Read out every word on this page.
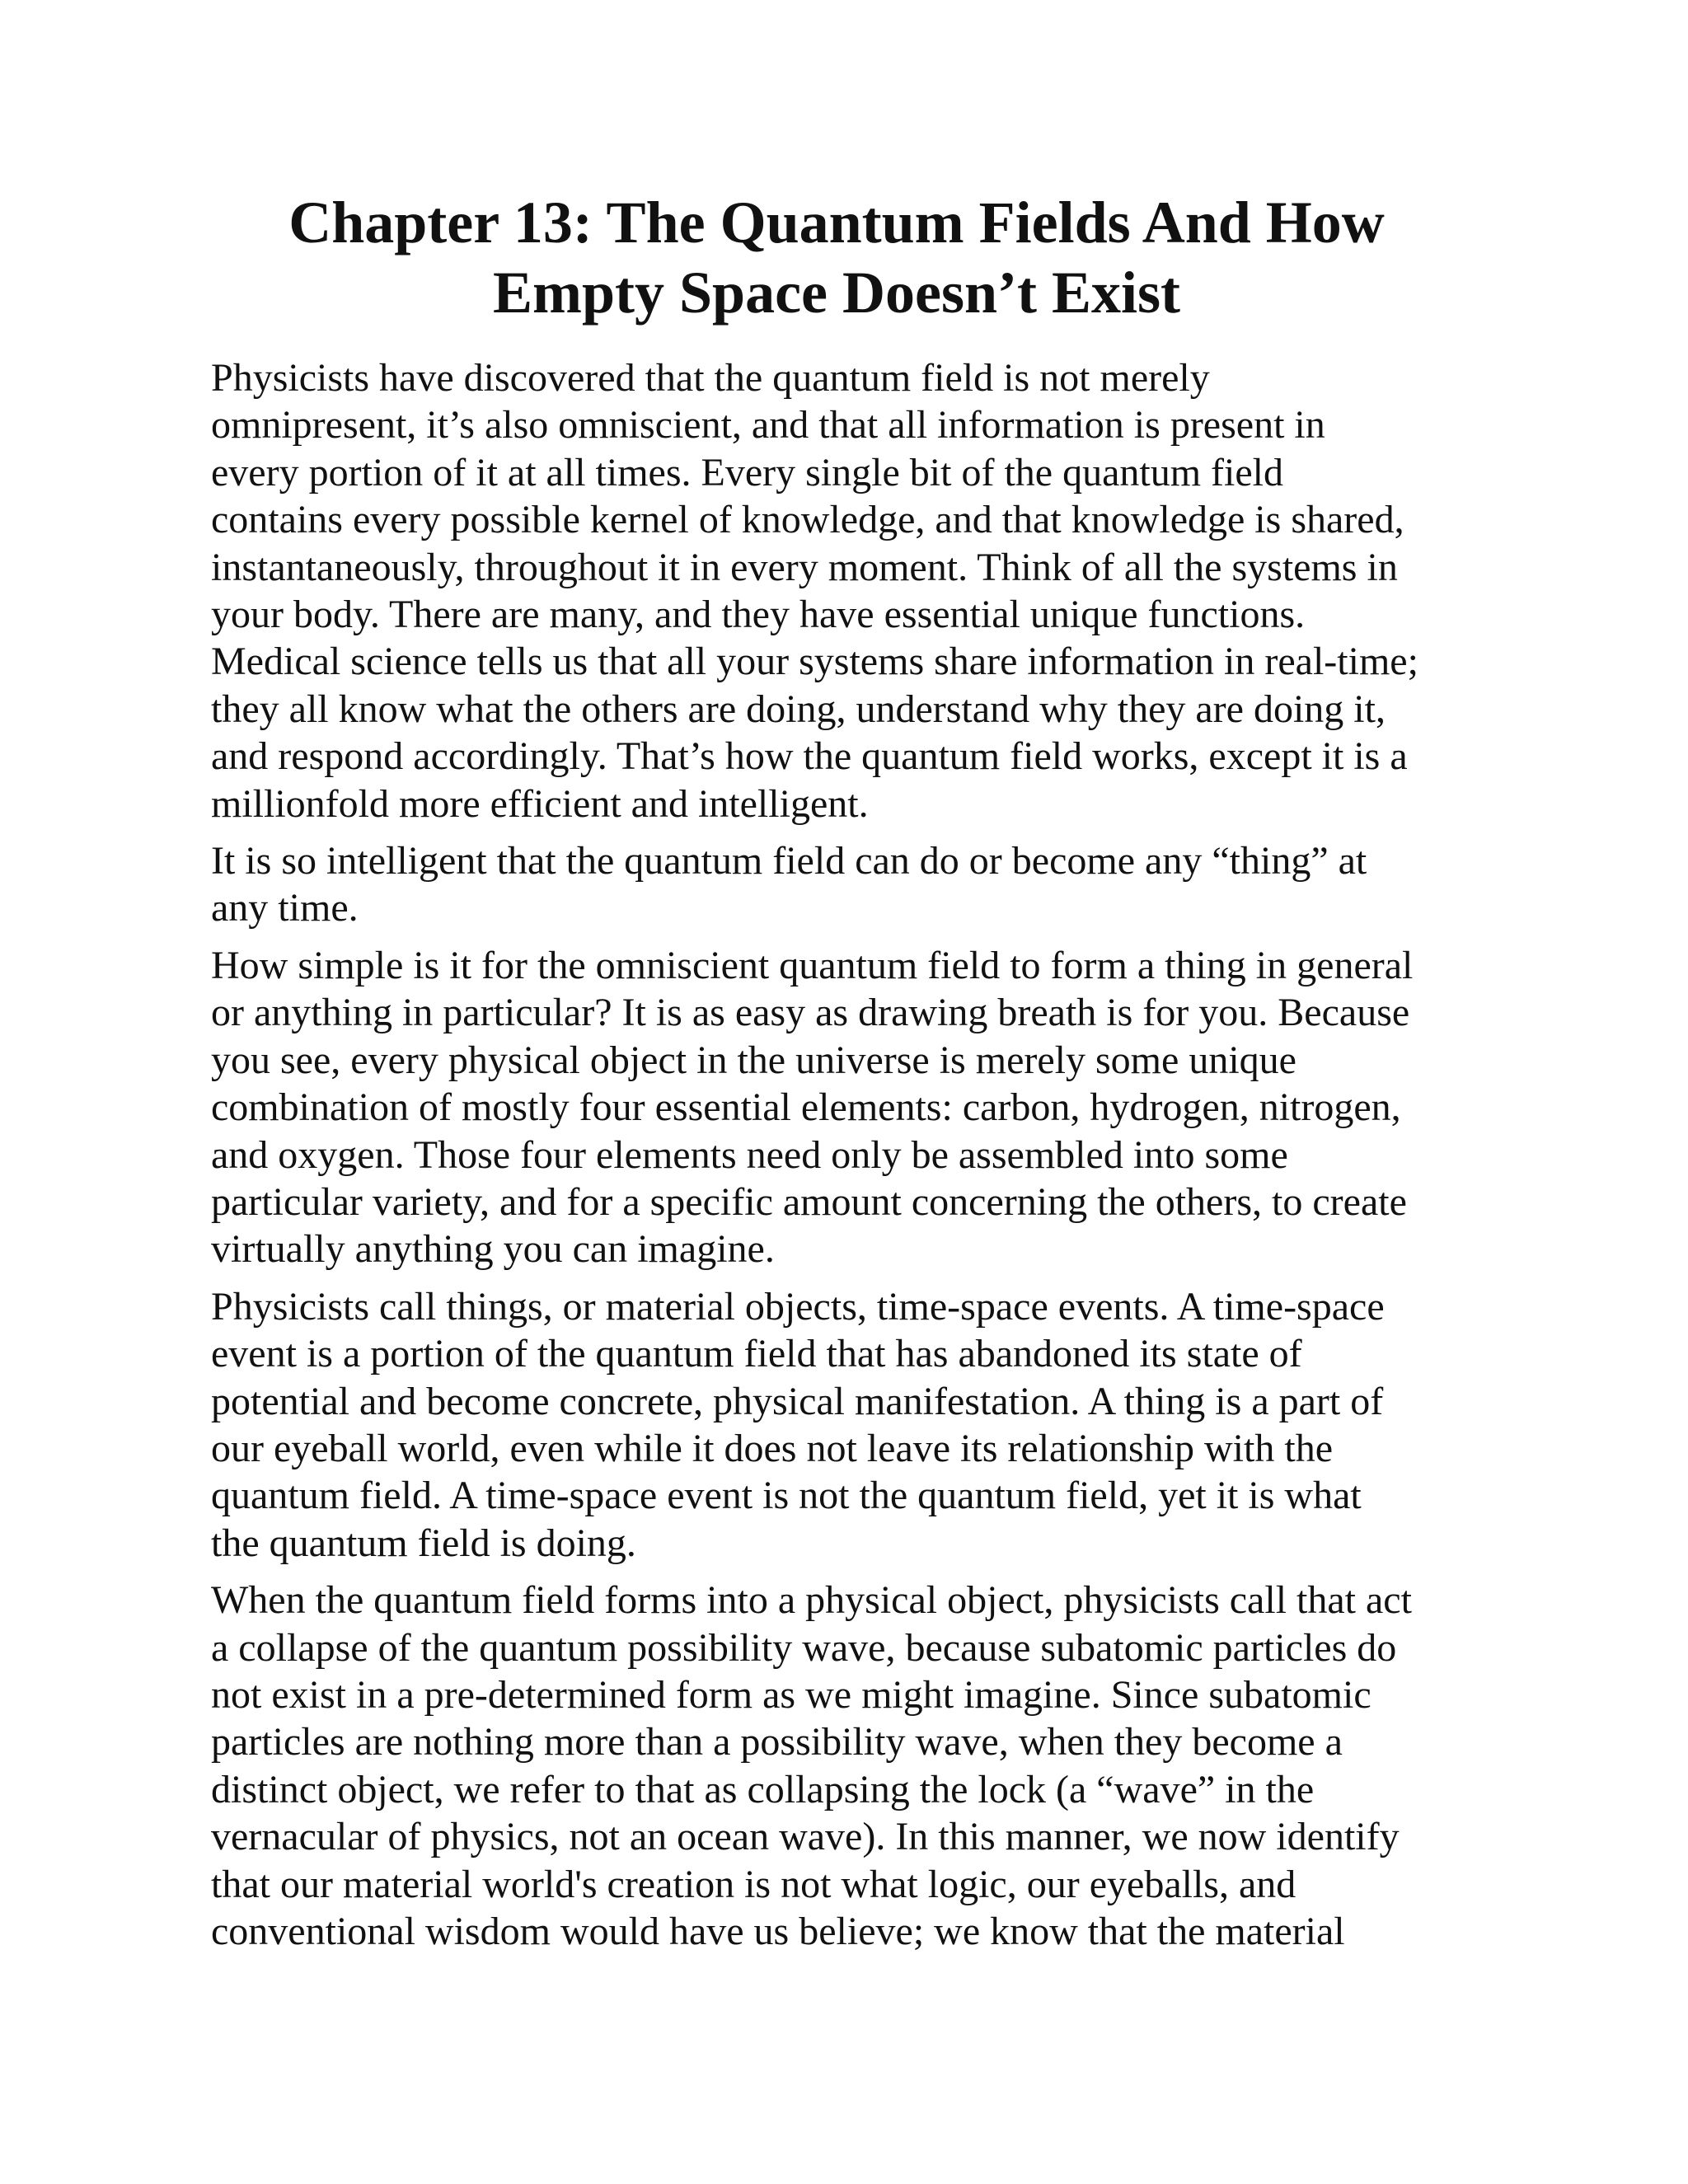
Chapter 13: The Quantum Fields And How
Empty Space Doesn’t Exist

Physicists have discovered that the quantum field is not merely
omnipresent, it’s also omniscient, and that all information is present in
every portion of it at all times. Every single bit of the quantum field
contains every possible kernel of knowledge, and that knowledge is shared,
instantaneously, throughout it in every moment. Think of all the systems in
your body. There are many, and they have essential unique functions.
Medical science tells us that all your systems share information in real-time;
they all know what the others are doing, understand why they are doing it,
and respond accordingly. That’s how the quantum field works, except it is a
millionfold more efficient and intelligent.

It is so intelligent that the quantum field can do or become any “thing” at
any time.

How simple is it for the omniscient quantum field to form a thing in general
or anything in particular? It is as easy as drawing breath is for you. Because
you see, every physical object in the universe is merely some unique
combination of mostly four essential elements: carbon, hydrogen, nitrogen,
and oxygen. Those four elements need only be assembled into some
particular variety, and for a specific amount concerning the others, to create
virtually anything you can imagine.

Physicists call things, or material objects, time-space events. A time-space
event is a portion of the quantum field that has abandoned its state of
potential and become concrete, physical manifestation. A thing is a part of
our eyeball world, even while it does not leave its relationship with the
quantum field. A time-space event is not the quantum field, yet it is what
the quantum field is doing.

When the quantum field forms into a physical object, physicists call that act
a collapse of the quantum possibility wave, because subatomic particles do
not exist in a pre-determined form as we might imagine. Since subatomic
particles are nothing more than a possibility wave, when they become a
distinct object, we refer to that as collapsing the lock (a “wave” in the
vernacular of physics, not an ocean wave). In this manner, we now identify
that our material world's creation is not what logic, our eyeballs, and
conventional wisdom would have us believe; we know that the material
